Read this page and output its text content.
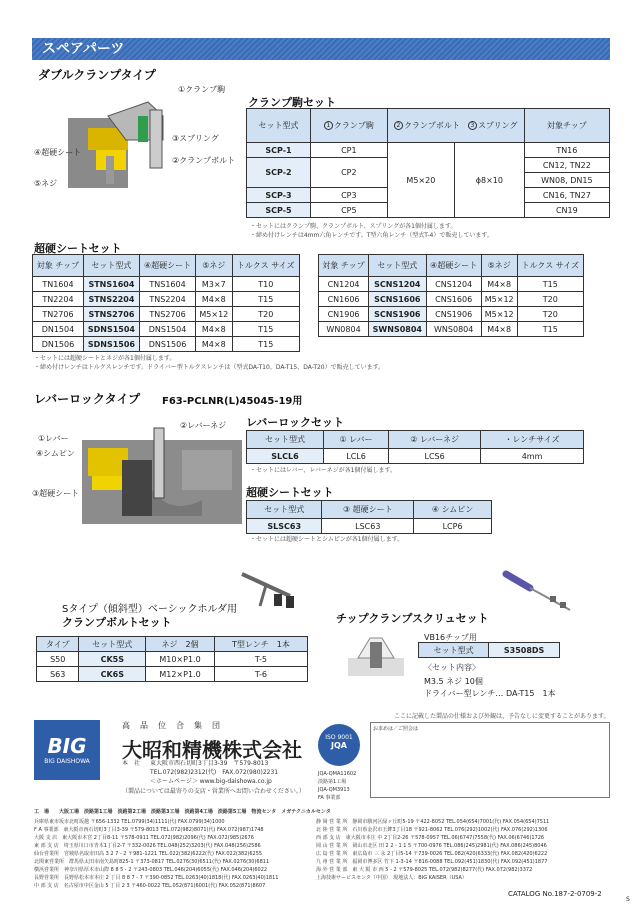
スペアパーツ
ダブルクランプタイプ
①クランプ駒
③スプリング
②クランプボルト
④超硬シート
⑤ネジ
クランプ駒セット
セット型式	1 クランプ駒	2 クランプボルト　 3 スプリング		対象チップ
SCP-1	CP1	M5×20	ϕ8×10	TN16
SCP-2	CP2			CN12, TN22
				WN08, DN15
SCP-3	CP3			CN16, TN27
SCP-5	CP5			CN19
・セットにはクランプ駒、クランプボルト、スプリングが各1個付属します。
・締め付けレンチは4mm六角レンチです。T型六角レンチ（型式T-4）で販売しています。
超硬シートセット
対象 チップ	セット型式	④超硬シート	⑤ネジ	トルクス サイズ
TN1604	STNS1604	TNS1604	M3×7	T10
TN2204	STNS2204	TNS2204	M4×8	T15
TN2706	STNS2706	TNS2706	M5×12	T20
DN1504	SDNS1504	DNS1504	M4×8	T15
DN1506	SDNS1506	DNS1506	M4×8	T15
対象 チップ	セット型式	④超硬シート	⑤ネジ	トルクス サイズ
CN1204	SCNS1204	CNS1204	M4×8	T15
CN1606	SCNS1606	CNS1606	M5×12	T20
CN1906	SCNS1906	CNS1906	M5×12	T20
WN0804	SWNS0804	WNS0804	M4×8	T15
・セットには超硬シートとネジが各1個付属します。
・締め付けレンチはトルクスレンチです。ドライバー型トルクスレンチは（型式DA-T10、DA-T15、DA-T20）で販売しています。
レバーロックタイプ F63-PCLNR(L)45045-19用
①レバー
②レバーネジ
④シムピン
③超硬シート
レバーロックセット
セット型式	① レバー	② レバーネジ	・レンチサイズ
SLCL6	LCL6	LCS6	4mm
・セットにはレバー、レバーネジが各1個付属します。
超硬シートセット
セット型式	③ 超硬シート	④ シムピン
SLSC63	LSC63	LCP6
・セットには超硬シートとシムピンが各1個付属します。
Sタイプ（傾斜型）ベーシックホルダ用
クランプボルトセット
タイプ	セット型式	ネジ　2個	T型レンチ　1本
S50	CK5S	M10×P1.0	T-5
S63	CK6S	M12×P1.0	T-6
チップクランプスクリュセット
VB16チップ用
セット型式	S3508DS
〈セット内容〉
M3.5 ネジ 10個
ドライバー型レンチ… DA-T15　1本
ここに記載した製品の仕様および外観は、予告なしに変更することがあります。
BIG
BIG DAISHOWA
高　品　位　合　集　団
大昭和精機株式会社
本　社 東大阪市西石切町3丁目3-39　〒579-8013
TEL.072(982)2312(代)　FAX.072(980)2231
＜ホームページ＞ www.big-daishowa.co.jp
（製品については最寄りの支店・営業所へお問い合わせください。）
ISO 9001
JQA
JQA-QMA11602
淡路第1工場
JQA-QM3913
FA 事業部
お求めは／ご照会は
工　場　　大阪工場　淡路第1工場　淡路第2工場　淡路第3工場　淡路第4工場　淡路第5工場　物流センタ　メガテクニカルセンタ
兵庫県東市坂市北町坂越 〒656-1332 TEL.0799(34)1111(代) FAX.0799(34)1000
F A 事業部　東大阪市西石切町3丁目3-39 〒579-8013 TEL.072(982)8071(代) FAX.072(987)1748
大阪 支 店　東大阪市本宮 2丁目8-11 〒578-0911 TEL.072(982)2096(代) FAX.072(985)2676
東 部 支 店　埼玉県川口市青木1丁目2-7 〒332-0026 TEL.048(252)3203(代) FAX.048(256)2586
仙台営業所　宮城県名取市田高 3 2 7 - 2 〒981-1221 TEL.022(382)6222(代) FAX.022(382)6255
北関東営業所　群馬県太田市南矢島町825-1 〒373-0817 TEL.0276(30)6511(代) FAX.0276(30)6811
横浜営業所　神奈川県厚木市山際 8 8 5 - 2 〒243-0803 TEL.046(204)6055(代) FAX.046(204)6022
長野営業所　長野県松本市本庄 2 丁目 8 8 7 - 7 〒390-0852 TEL.0263(40)1818(代) FAX.0263(40)1811
中 部 支 店　名古屋市中区金山 5 丁目 2 3 〒460-0022 TEL.052(871)6001(代) FAX.052(871)8607
静 岡 営 業 所　静岡市駿河区緑ヶ丘町5-19 〒422-8052 TEL.054(654)7001(代) FAX.054(654)7511
北 陸 営 業 所　石川県金沢市玉鉾3丁目18 〒921-8062 TEL.076(292)1002(代) FAX.076(292)1306
西 部 支 店　東大阪市本庄 中 2丁目2-26 〒578-0957 TEL.06(6747)7558(代) FAX.06(6746)1726
岡 山 営 業 所　岡山市北区 田 2 2 - 1 1 5 〒700-0976 TEL.086(245)2981(代) FAX.086(245)8046
広 島 営 業 所　東広島市 三 永 2丁目5-14 〒739-0026 TEL.082(420)6333(代) FAX.082(420)6222
九 州 営 業 所　福岡市博多区 竹下 1-3-14 〒816-0088 TEL.092(451)1830(代) FAX.092(451)1877
海 外 営 業 部　東 大 阪 市 西 5 - 2 〒579-8025 TEL.072(982)8277(代) FAX.072(982)3372
上海技術サービスセンタ（中国）　現地法人：BIG KAISER（USA）
CATALOG No.187-2-0709-2
S
